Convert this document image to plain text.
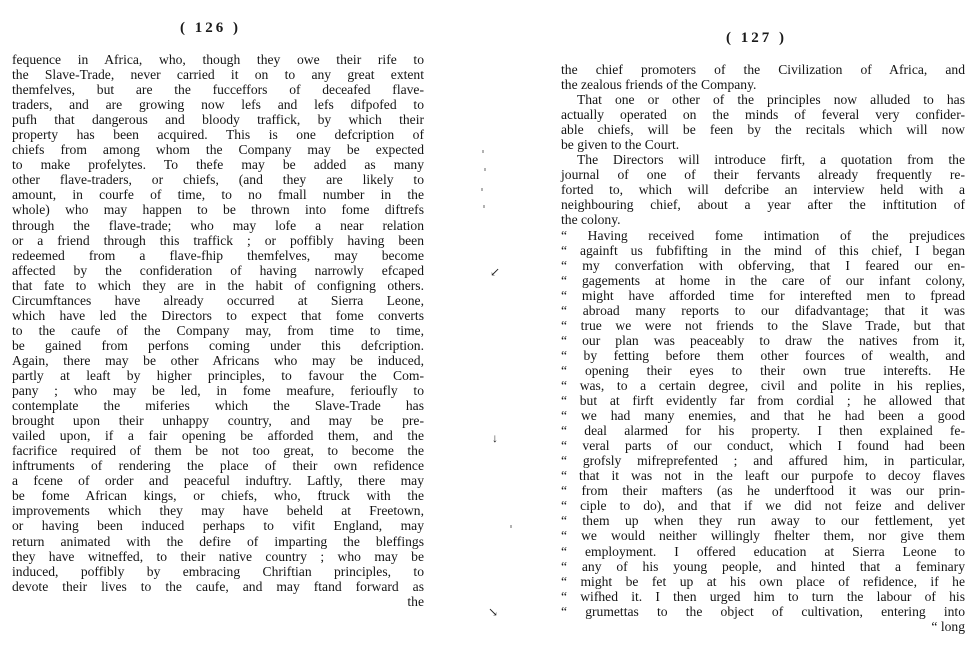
( 126 )
fequence in Africa, who, though they owe their rife to
the Slave-Trade, never carried it on to any great extent
themfelves, but are the fucceffors of deceafed flave-
traders, and are growing now lefs and lefs difpofed to
pufh that dangerous and bloody traffick, by which their
property has been acquired. This is one defcription of
chiefs from among whom the Company may be expected
to make profelytes. To thefe may be added as many
other flave-traders, or chiefs, (and they are likely to
amount, in courfe of time, to no fmall number in the
whole) who may happen to be thrown into fome diftrefs
through the flave-trade; who may lofe a near relation
or a friend through this traffick ; or poffibly having been
redeemed from a flave-fhip themfelves, may become
affected by the confideration of having narrowly efcaped
that fate to which they are in the habit of configning others.
Circumftances have already occurred at Sierra Leone,
which have led the Directors to expect that fome converts
to the caufe of the Company may, from time to time,
be gained from perfons coming under this defcription.
Again, there may be other Africans who may be induced,
partly at leaft by higher principles, to favour the Com-
pany ; who may be led, in fome meafure, ferioufly to
contemplate the miferies which the Slave-Trade has
brought upon their unhappy country, and may be pre-
vailed upon, if a fair opening be afforded them, and the
facrifice required of them be not too great, to become the
inftruments of rendering the place of their own refidence
a fcene of order and peaceful induftry. Laftly, there may
be fome African kings, or chiefs, who, ftruck with the
improvements which they may have beheld at Freetown,
or having been induced perhaps to vifit England, may
return animated with the defire of imparting the bleffings
they have witneffed, to their native country ; who may be
induced, poffibly by embracing Chriftian principles, to
devote their lives to the caufe, and may ftand forward as
the
↙
↓
↘
( 127 )
the chief promoters of the Civilization of Africa, and
the zealous friends of the Company.
That one or other of the principles now alluded to has
actually operated on the minds of feveral very confider-
able chiefs, will be feen by the recitals which will now
be given to the Court.
The Directors will introduce firft, a quotation from the
journal of one of their fervants already frequently re-
forted to, which will defcribe an interview held with a
neighbouring chief, about a year after the inftitution of
the colony.
“ Having received fome intimation of the prejudices
“ againft us fubfifting in the mind of this chief, I began
“ my converfation with obferving, that I feared our en-
“ gagements at home in the care of our infant colony,
“ might have afforded time for interefted men to fpread
“ abroad many reports to our difadvantage; that it was
“ true we were not friends to the Slave Trade, but that
“ our plan was peaceably to draw the natives from it,
“ by fetting before them other fources of wealth, and
“ opening their eyes to their own true interefts. He
“ was, to a certain degree, civil and polite in his replies,
“ but at firft evidently far from cordial ; he allowed that
“ we had many enemies, and that he had been a good
“ deal alarmed for his property. I then explained fe-
“ veral parts of our conduct, which I found had been
“ grofsly mifreprefented ; and affured him, in particular,
“ that it was not in the leaft our purpofe to decoy flaves
“ from their mafters (as he underftood it was our prin-
“ ciple to do), and that if we did not feize and deliver
“ them up when they run away to our fettlement, yet
“ we would neither willingly fhelter them, nor give them
“ employment. I offered education at Sierra Leone to
“ any of his young people, and hinted that a feminary
“ might be fet up at his own place of refidence, if he
“ wifhed it. I then urged him to turn the labour of his
“ grumettas to the object of cultivation, entering into
“ long
